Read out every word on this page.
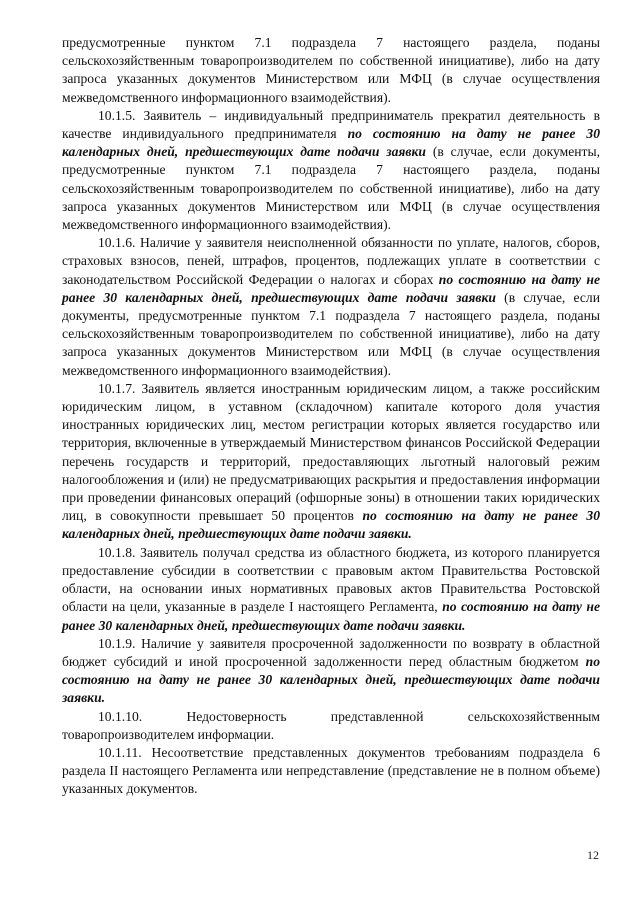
предусмотренные пунктом 7.1 подраздела 7 настоящего раздела, поданы сельскохозяйственным товаропроизводителем по собственной инициативе), либо на дату запроса указанных документов Министерством или МФЦ (в случае осуществления межведомственного информационного взаимодействия).

10.1.5. Заявитель – индивидуальный предприниматель прекратил деятельность в качестве индивидуального предпринимателя по состоянию на дату не ранее 30 календарных дней, предшествующих дате подачи заявки (в случае, если документы, предусмотренные пунктом 7.1 подраздела 7 настоящего раздела, поданы сельскохозяйственным товаропроизводителем по собственной инициативе), либо на дату запроса указанных документов Министерством или МФЦ (в случае осуществления межведомственного информационного взаимодействия).

10.1.6. Наличие у заявителя неисполненной обязанности по уплате, налогов, сборов, страховых взносов, пеней, штрафов, процентов, подлежащих уплате в соответствии с законодательством Российской Федерации о налогах и сборах по состоянию на дату не ранее 30 календарных дней, предшествующих дате подачи заявки (в случае, если документы, предусмотренные пунктом 7.1 подраздела 7 настоящего раздела, поданы сельскохозяйственным товаропроизводителем по собственной инициативе), либо на дату запроса указанных документов Министерством или МФЦ (в случае осуществления межведомственного информационного взаимодействия).

10.1.7. Заявитель является иностранным юридическим лицом, а также российским юридическим лицом, в уставном (складочном) капитале которого доля участия иностранных юридических лиц, местом регистрации которых является государство или территория, включенные в утверждаемый Министерством финансов Российской Федерации перечень государств и территорий, предоставляющих льготный налоговый режим налогообложения и (или) не предусматривающих раскрытия и предоставления информации при проведении финансовых операций (офшорные зоны) в отношении таких юридических лиц, в совокупности превышает 50 процентов по состоянию на дату не ранее 30 календарных дней, предшествующих дате подачи заявки.

10.1.8. Заявитель получал средства из областного бюджета, из которого планируется предоставление субсидии в соответствии с правовым актом Правительства Ростовской области, на основании иных нормативных правовых актов Правительства Ростовской области на цели, указанные в разделе I настоящего Регламента, по состоянию на дату не ранее 30 календарных дней, предшествующих дате подачи заявки.

10.1.9. Наличие у заявителя просроченной задолженности по возврату в областной бюджет субсидий и иной просроченной задолженности перед областным бюджетом по состоянию на дату не ранее 30 календарных дней, предшествующих дате подачи заявки.

10.1.10. Недостоверность представленной сельскохозяйственным товаропроизводителем информации.

10.1.11. Несоответствие представленных документов требованиям подраздела 6 раздела II настоящего Регламента или непредставление (представление не в полном объеме) указанных документов.

12
